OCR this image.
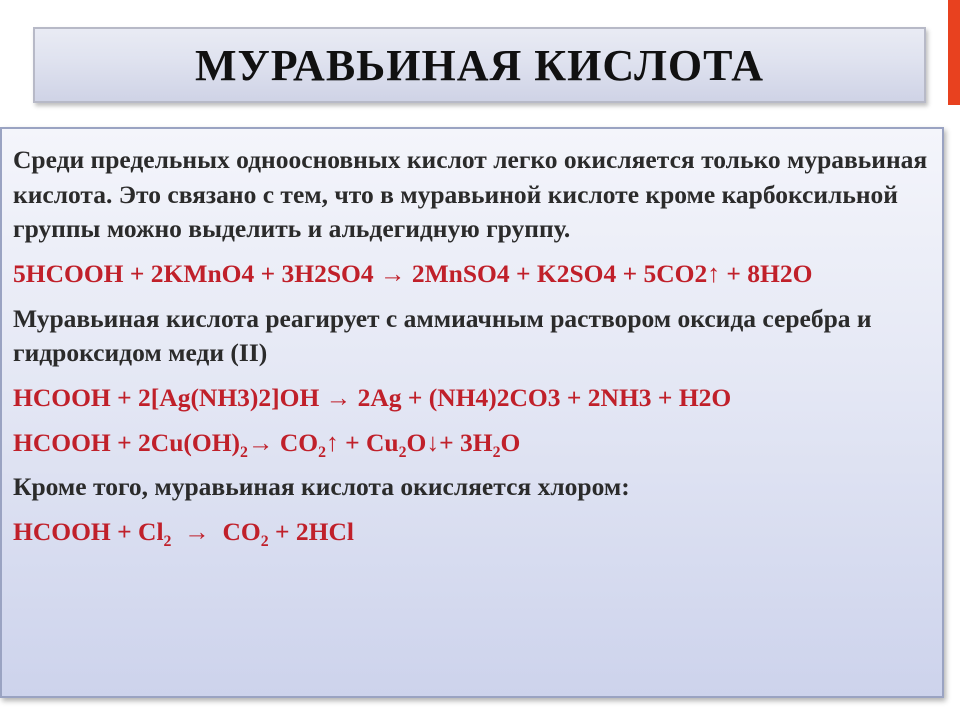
МУРАВЬИНАЯ КИСЛОТА

Среди предельных одноосновных кислот легко окисляется только муравьиная кислота. Это связано с тем, что в муравьиной кислоте кроме карбоксильной группы можно выделить и альдегидную группу.

5HCOOH + 2KMnO4 + 3H2SO4 → 2MnSO4 + K2SO4 + 5CO2↑ + 8H2O

Муравьиная кислота реагирует с аммиачным раствором оксида серебра и гидроксидом меди (II)

HCOOH + 2[Ag(NH3)2]OH → 2Ag + (NH4)2CO3 + 2NH3 + H2O

HCOOH + $2Cu(OH)_2\to$ $CO_2↑$ + $Cu_2O↓+ 3H_2O$

Кроме того, муравьиная кислота окисляется хлором:

HCOOH + $Cl_2 \to CO_2 + 2HCl$
